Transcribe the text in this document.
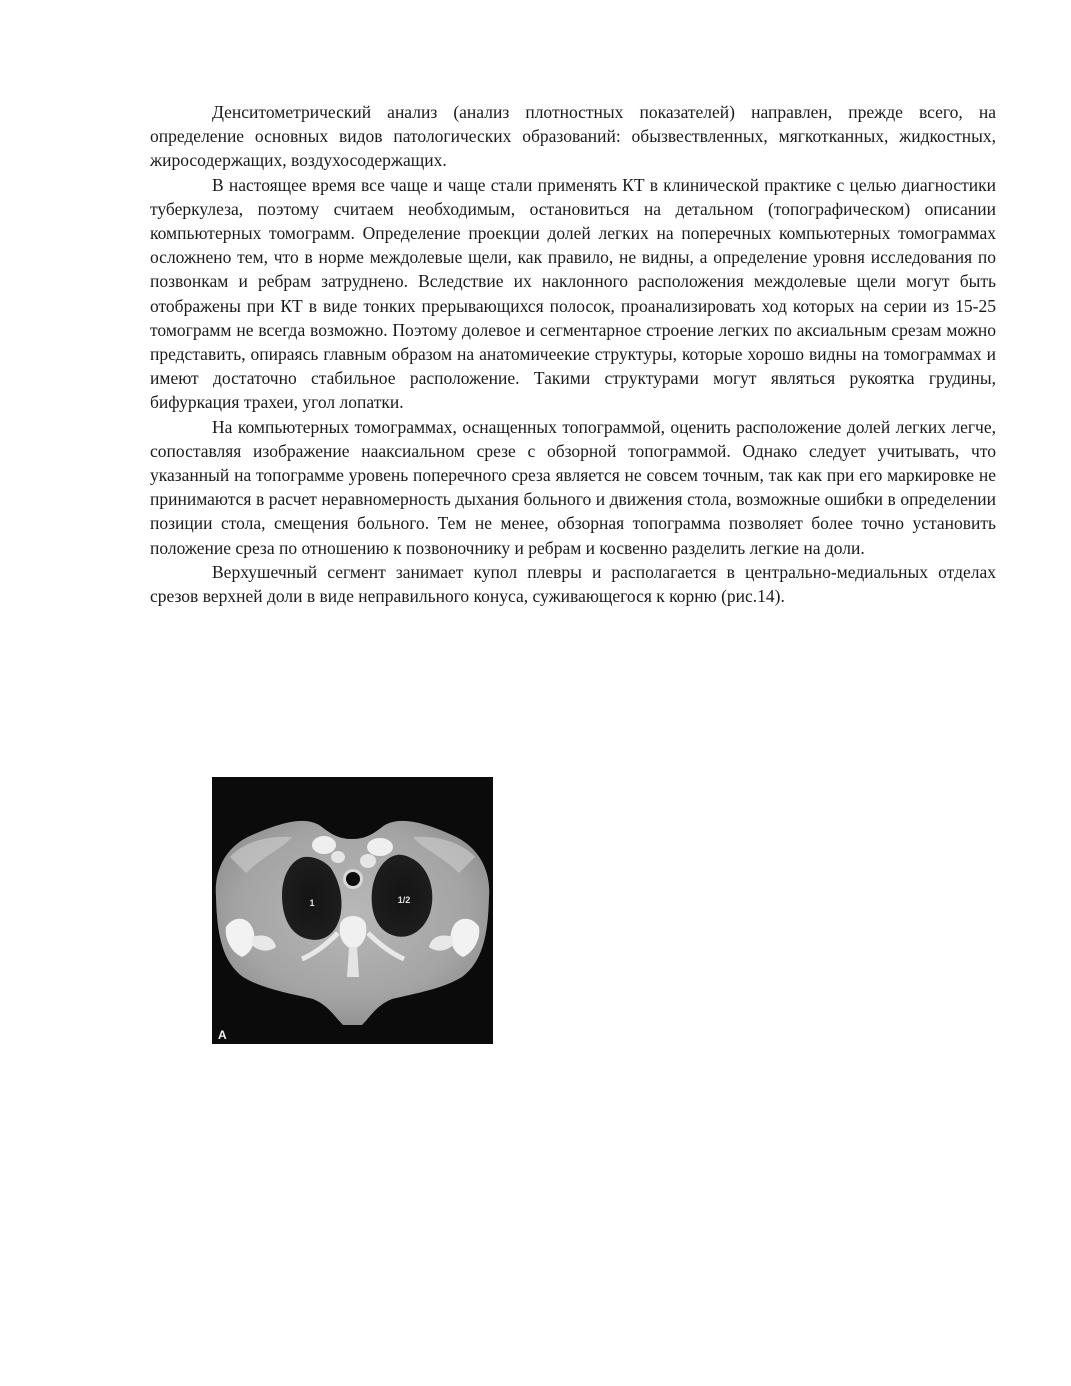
Денситометрический анализ (анализ плотностных показателей) направлен, прежде всего, на определение основных видов патологических образований: обызвествленных, мягкотканных, жидкостных, жиросодержащих, воздухосодержащих.

В настоящее время все чаще и чаще стали применять КТ в клинической практике с целью диагностики туберкулеза, поэтому считаем необходимым, остановиться на детальном (топографическом) описании компьютерных томограмм. Определение проекции долей легких на поперечных компьютерных томограммах осложнено тем, что в норме междолевые щели, как правило, не видны, а определение уровня исследования по позвонкам и ребрам затруднено. Вследствие их наклонного расположения междолевые щели могут быть отображены при КТ в виде тонких прерывающихся полосок, проанализировать ход которых на серии из 15-25 томограмм не всегда возможно. Поэтому долевое и сегментарное строение легких по аксиальным срезам можно представить, опираясь главным образом на анатомичеекие структуры, которые хорошо видны на томограммах и имеют достаточно стабильное расположение. Такими структурами могут являться рукоятка грудины, бифуркация трахеи, угол лопатки.

На компьютерных томограммах, оснащенных топограммой, оценить расположение долей легких легче, сопоставляя изображение наaксиальном срезе с обзорной топограммой. Однако следует учитывать, что указанный на топограмме уровень поперечного среза является не совсем точным, так как при его маркировке не принимаются в расчет неравномерность дыхания больного и движения стола, возможные ошибки в определении позиции стола, смещения больного. Тем не менее, обзорная топограмма позволяет более точно установить положение среза по отношению к позвоночнику и ребрам и косвенно разделить легкие на доли.

Верхушечный сегмент занимает купол плевры и располагается в центрально-медиальных отделах срезов верхней доли в виде неправильного конуса, суживающегося к корню (рис.14).

1	1/2
A
